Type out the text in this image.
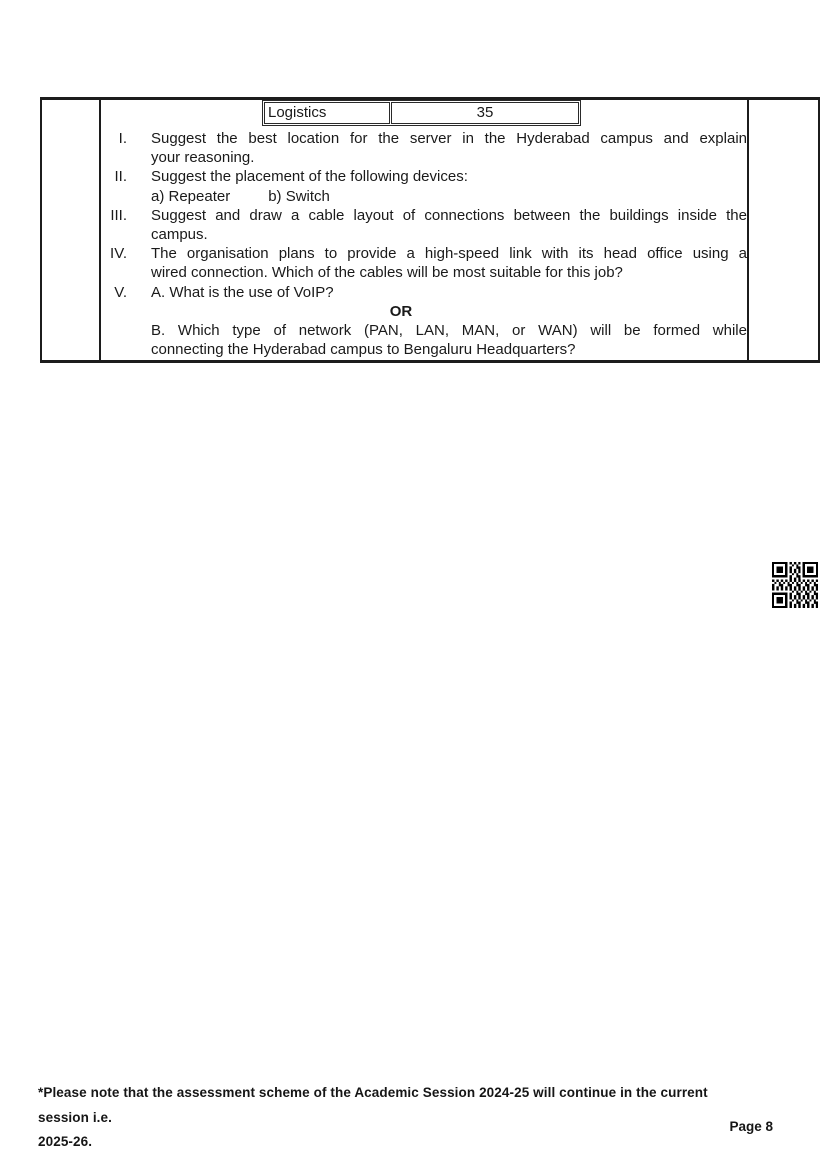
Logistics	35
I. Suggest the best location for the server in the Hyderabad campus and explain
your reasoning.
II. Suggest the placement of the following devices:
a) Repeater	b) Switch
III. Suggest and draw a cable layout of connections between the buildings inside the
campus.
IV. The organisation plans to provide a high-speed link with its head office using a
wired connection. Which of the cables will be most suitable for this job?
V. A. What is the use of VoIP?
OR
B. Which type of network (PAN, LAN, MAN, or WAN) will be formed while
connecting the Hyderabad campus to Bengaluru Headquarters?
*Please note that the assessment scheme of the Academic Session 2024-25 will continue in the current session i.e.
2025-26.
Page 8
